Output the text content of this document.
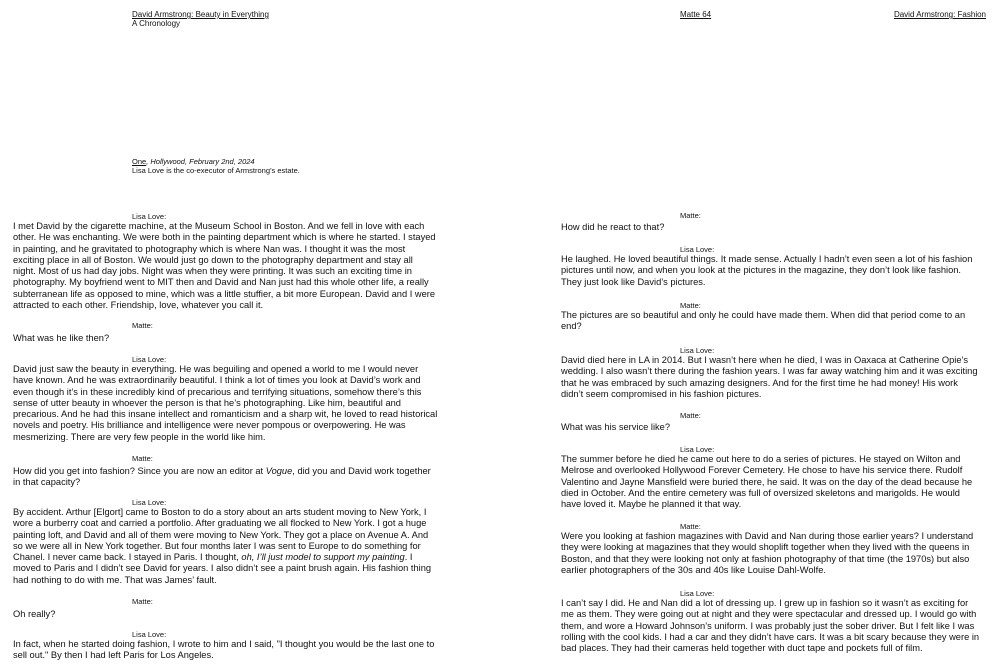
David Armstrong: Beauty in Everything
A Chronology
Matte 64	David Armstrong: Fashion
One, Hollywood, February 2nd, 2024
Lisa Love is the co-executor of Armstrong’s estate.
Lisa Love:

I met David by the cigarette machine, at the Museum School in Boston. And we fell in love with each other. He was enchanting. We were both in the painting department which is where he started. I stayed in painting, and he gravitated to photography which is where Nan was. I thought it was the most exciting place in all of Boston. We would just go down to the photography department and stay all night. Most of us had day jobs. Night was when they were printing. It was such an exciting time in photography. My boyfriend went to MIT then and David and Nan just had this whole other life, a really subterranean life as opposed to mine, which was a little stuffier, a bit more European. David and I were attracted to each other. Friendship, love, whatever you call it.

Matte:

What was he like then?

Lisa Love:

David just saw the beauty in everything. He was beguiling and opened a world to me I would never have known. And he was extraordinarily beautiful. I think a lot of times you look at David’s work and even though it’s in these incredibly kind of precarious and terrifying situations, somehow there’s this sense of utter beauty in whoever the person is that he’s photographing. Like him, beautiful and precarious. And he had this insane intellect and romanticism and a sharp wit, he loved to read historical novels and poetry. His brilliance and intelligence were never pompous or overpowering. He was mesmerizing. There are very few people in the world like him.

Matte:

How did you get into fashion? Since you are now an editor at Vogue, did you and David work together in that capacity?

Lisa Love:

By accident. Arthur [Elgort] came to Boston to do a story about an arts student moving to New York, I wore a burberry coat and carried a portfolio. After graduating we all flocked to New York. I got a huge painting loft, and David and all of them were moving to New York. They got a place on Avenue A. And so we were all in New York together. But four months later I was sent to Europe to do something for Chanel. I never came back. I stayed in Paris. I thought, oh, I’ll just model to support my painting. I moved to Paris and I didn’t see David for years. I also didn’t see a paint brush again. His fashion thing had nothing to do with me. That was James’ fault.

Matte:

Oh really?

Lisa Love:

In fact, when he started doing fashion, I wrote to him and I said, "I thought you would be the last one to sell out." By then I had left Paris for Los Angeles.

Matte:

How did he react to that?

Lisa Love:

He laughed. He loved beautiful things. It made sense. Actually I hadn’t even seen a lot of his fashion pictures until now, and when you look at the pictures in the magazine, they don’t look like fashion. They just look like David’s pictures.

Matte:

The pictures are so beautiful and only he could have made them. When did that period come to an end?

Lisa Love:

David died here in LA in 2014. But I wasn’t here when he died, I was in Oaxaca at Catherine Opie’s wedding. I also wasn’t there during the fashion years. I was far away watching him and it was exciting that he was embraced by such amazing designers. And for the first time he had money! His work didn’t seem compromised in his fashion pictures.

Matte:

What was his service like?

Lisa Love:

The summer before he died he came out here to do a series of pictures. He stayed on Wilton and Melrose and overlooked Hollywood Forever Cemetery. He chose to have his service there. Rudolf Valentino and Jayne Mansfield were buried there, he said. It was on the day of the dead because he died in October. And the entire cemetery was full of oversized skeletons and marigolds. He would have loved it. Maybe he planned it that way.

Matte:

Were you looking at fashion magazines with David and Nan during those earlier years? I understand they were looking at magazines that they would shoplift together when they lived with the queens in Boston, and that they were looking not only at fashion photography of that time (the 1970s) but also earlier photographers of the 30s and 40s like Louise Dahl-Wolfe.

Lisa Love:

I can’t say I did. He and Nan did a lot of dressing up. I grew up in fashion so it wasn’t as exciting for me as them. They were going out at night and they were spectacular and dressed up. I would go with them, and wore a Howard Johnson’s uniform. I was probably just the sober driver. But I felt like I was rolling with the cool kids. I had a car and they didn’t have cars. It was a bit scary because they were in bad places. They had their cameras held together with duct tape and pockets full of film.
